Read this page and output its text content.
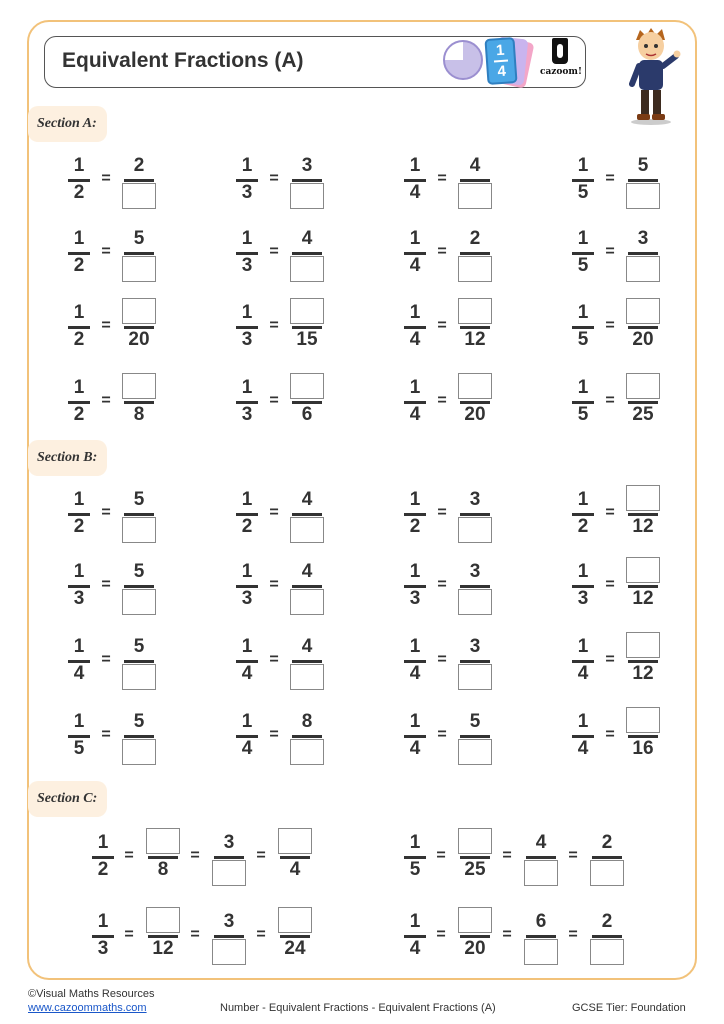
Equivalent Fractions (A)	1
4	cazoom!
Section A:
Section B:
Section C:
1
2
=
2	1
3
=
3	1
4
=
4	1
5
=
5
1
2
=
5	1
3
=
4	1
4
=
2	1
5
=
3
1
2
=
20
1
3
=
15
1
4
=
12
1
5
=
20
1
2
=
8
1
3
=
6
1
4
=
20
1
5
=
25
1
2
=
5	1
2
=
4	1
2
=
3	1
2
=
12
1
3
=
5	1
3
=
4	1
3
=
3	1
3
=
12
1
4
=
5	1
4
=
4	1
4
=
3	1
4
=
12
1
5
=
5	1
4
=
8	1
4
=
5	1
4
=
16
1
2
=
8
=
3
=
4
1
5
=
25
=
4
=
2
1
3
=
12
=
3
=
24
1
4
=
20
=
6
=
2
©Visual Maths Resources
www.cazoommaths.com	Number - Equivalent Fractions - Equivalent Fractions (A)	GCSE Tier: Foundation
